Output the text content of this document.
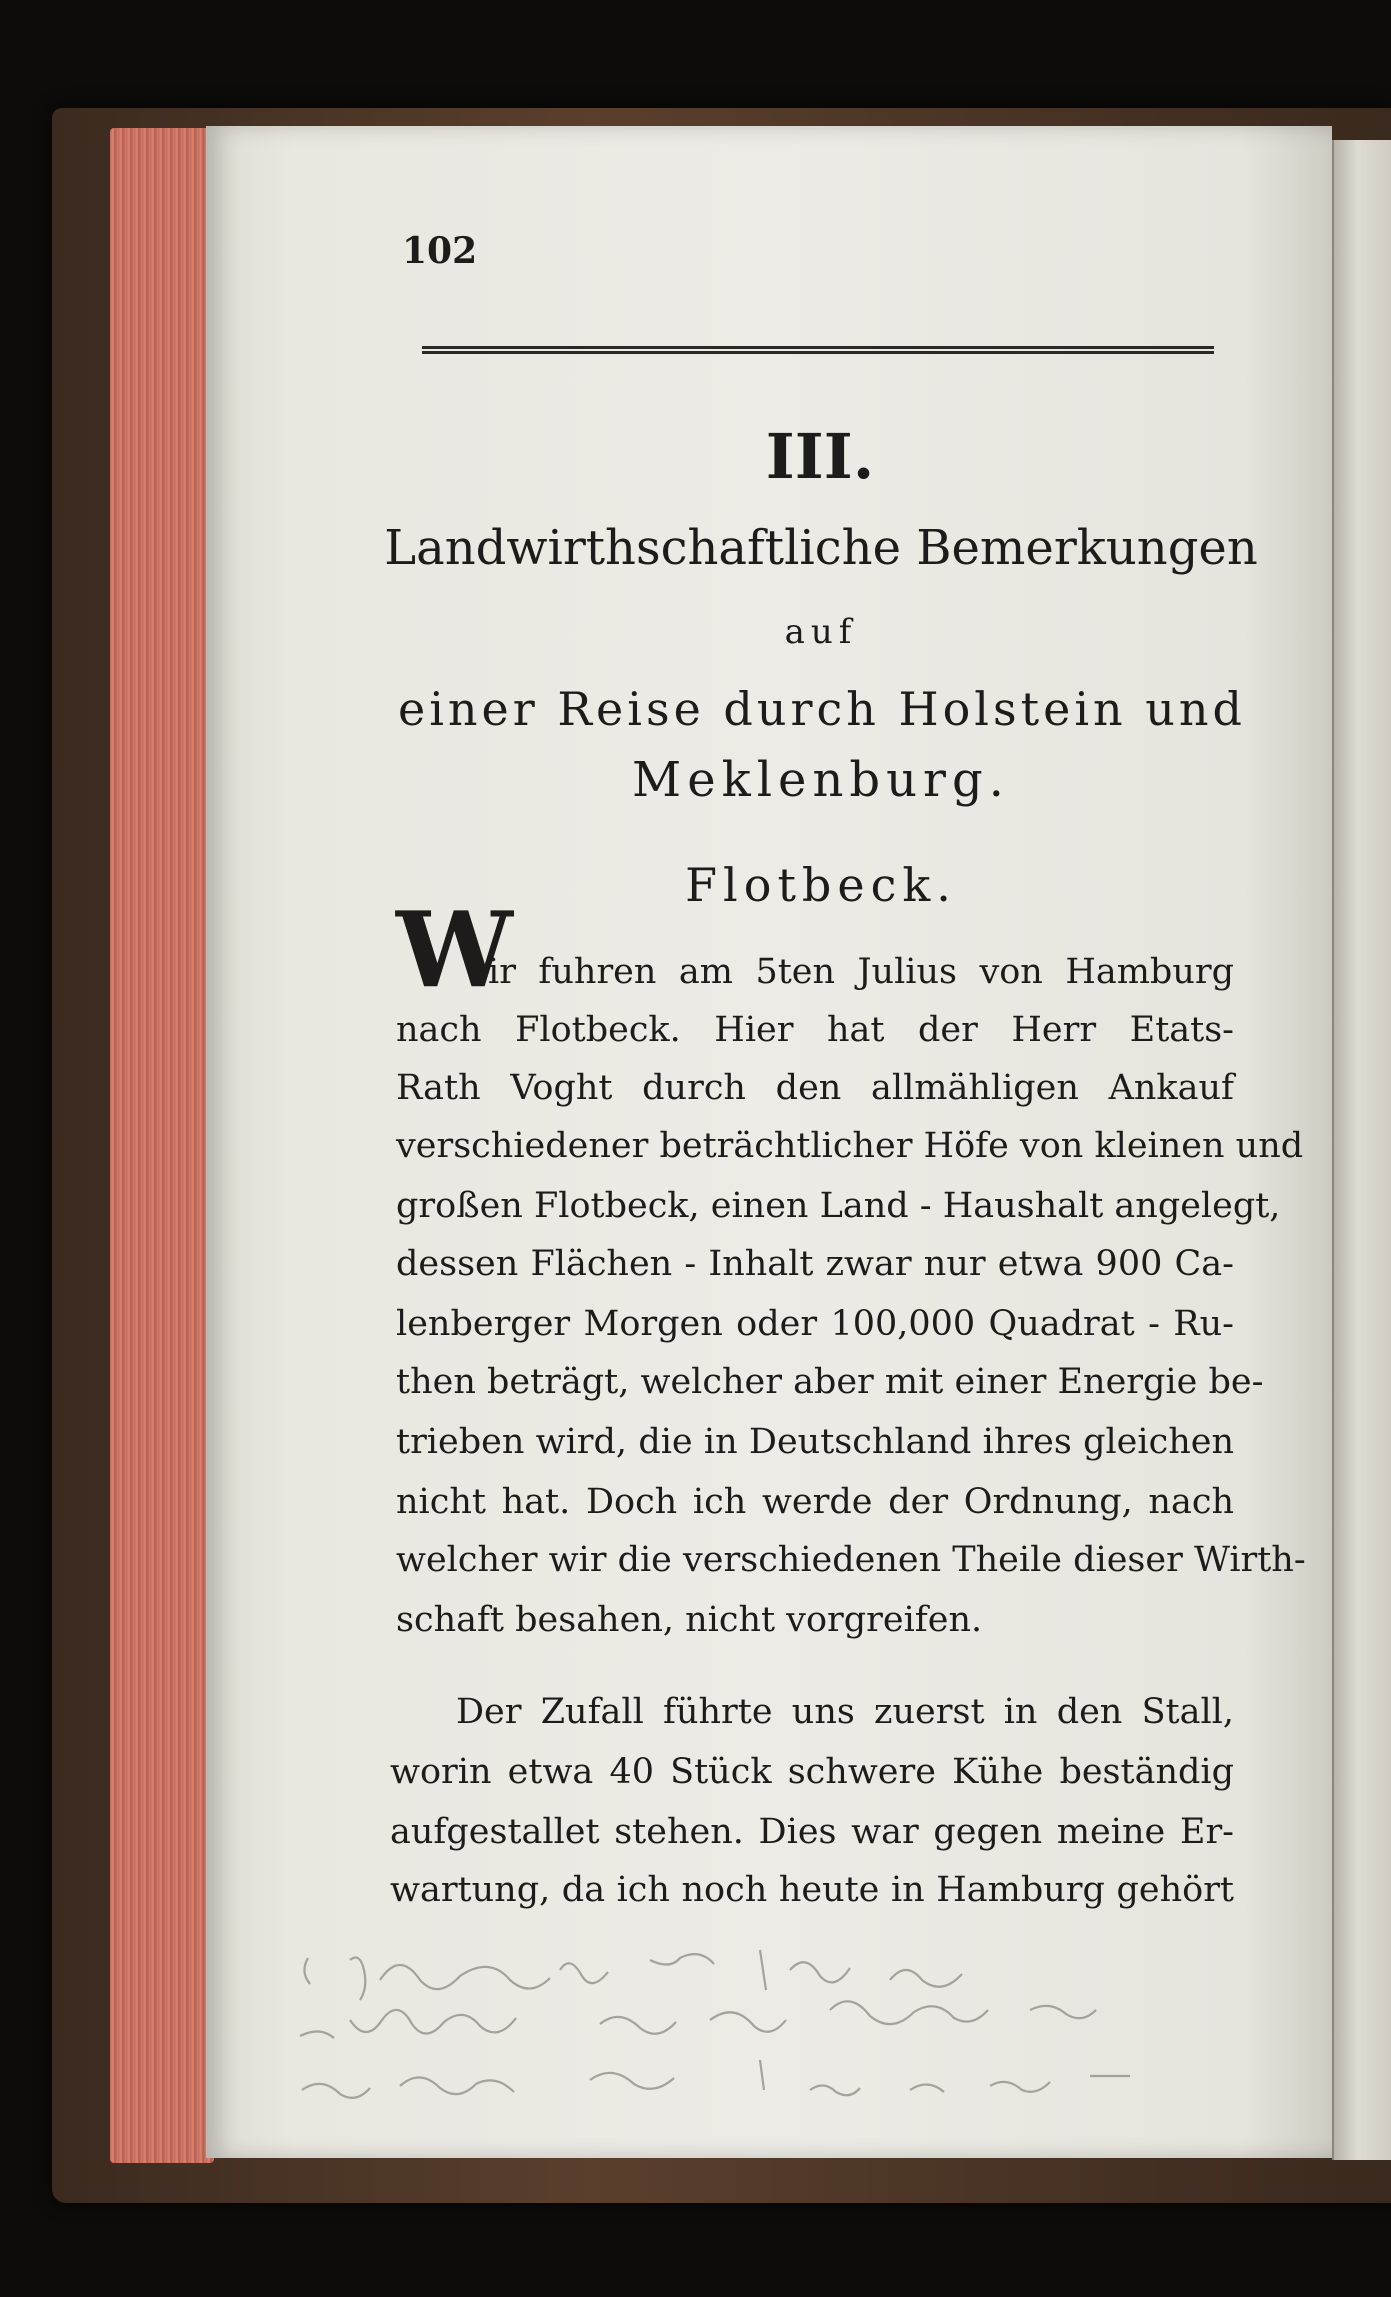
102
III.
Landwirthschaftliche Bemerkungen
auf
einer Reise durch Holstein und
Meklenburg.
Flotbeck.
W
ir fuhren am 5ten Julius von Hamburg
nach Flotbeck. Hier hat der Herr Etats-
Rath Voght durch den allmähligen Ankauf
verschiedener beträchtlicher Höfe von kleinen und
großen Flotbeck, einen Land - Haushalt angelegt,
dessen Flächen - Inhalt zwar nur etwa 900 Ca-
lenberger Morgen oder 100,000 Quadrat - Ru-
then beträgt, welcher aber mit einer Energie be-
trieben wird, die in Deutschland ihres gleichen
nicht hat. Doch ich werde der Ordnung, nach
welcher wir die verschiedenen Theile dieser Wirth-
schaft besahen, nicht vorgreifen.
Der Zufall führte uns zuerst in den Stall,
worin etwa 40 Stück schwere Kühe beständig
aufgestallet stehen. Dies war gegen meine Er-
wartung, da ich noch heute in Hamburg gehört
